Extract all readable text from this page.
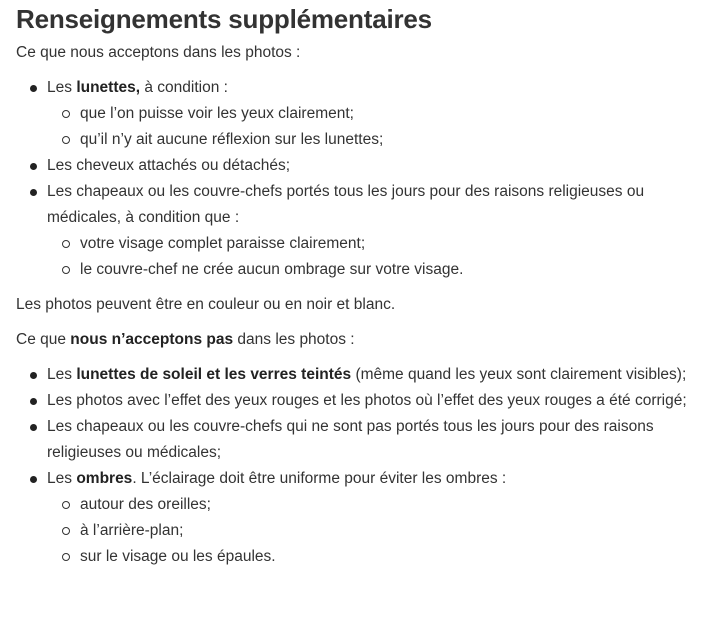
Renseignements supplémentaires

Ce que nous acceptons dans les photos :

Les lunettes, à condition :
que l’on puisse voir les yeux clairement;
qu’il n’y ait aucune réflexion sur les lunettes;
Les cheveux attachés ou détachés;
Les chapeaux ou les couvre-chefs portés tous les jours pour des raisons religieuses ou médicales, à condition que :
votre visage complet paraisse clairement;
le couvre-chef ne crée aucun ombrage sur votre visage.

Les photos peuvent être en couleur ou en noir et blanc.

Ce que nous n’acceptons pas dans les photos :

Les lunettes de soleil et les verres teintés (même quand les yeux sont clairement visibles);
Les photos avec l’effet des yeux rouges et les photos où l’effet des yeux rouges a été corrigé;
Les chapeaux ou les couvre-chefs qui ne sont pas portés tous les jours pour des raisons religieuses ou médicales;
Les ombres. L’éclairage doit être uniforme pour éviter les ombres :
autour des oreilles;
à l’arrière-plan;
sur le visage ou les épaules.
